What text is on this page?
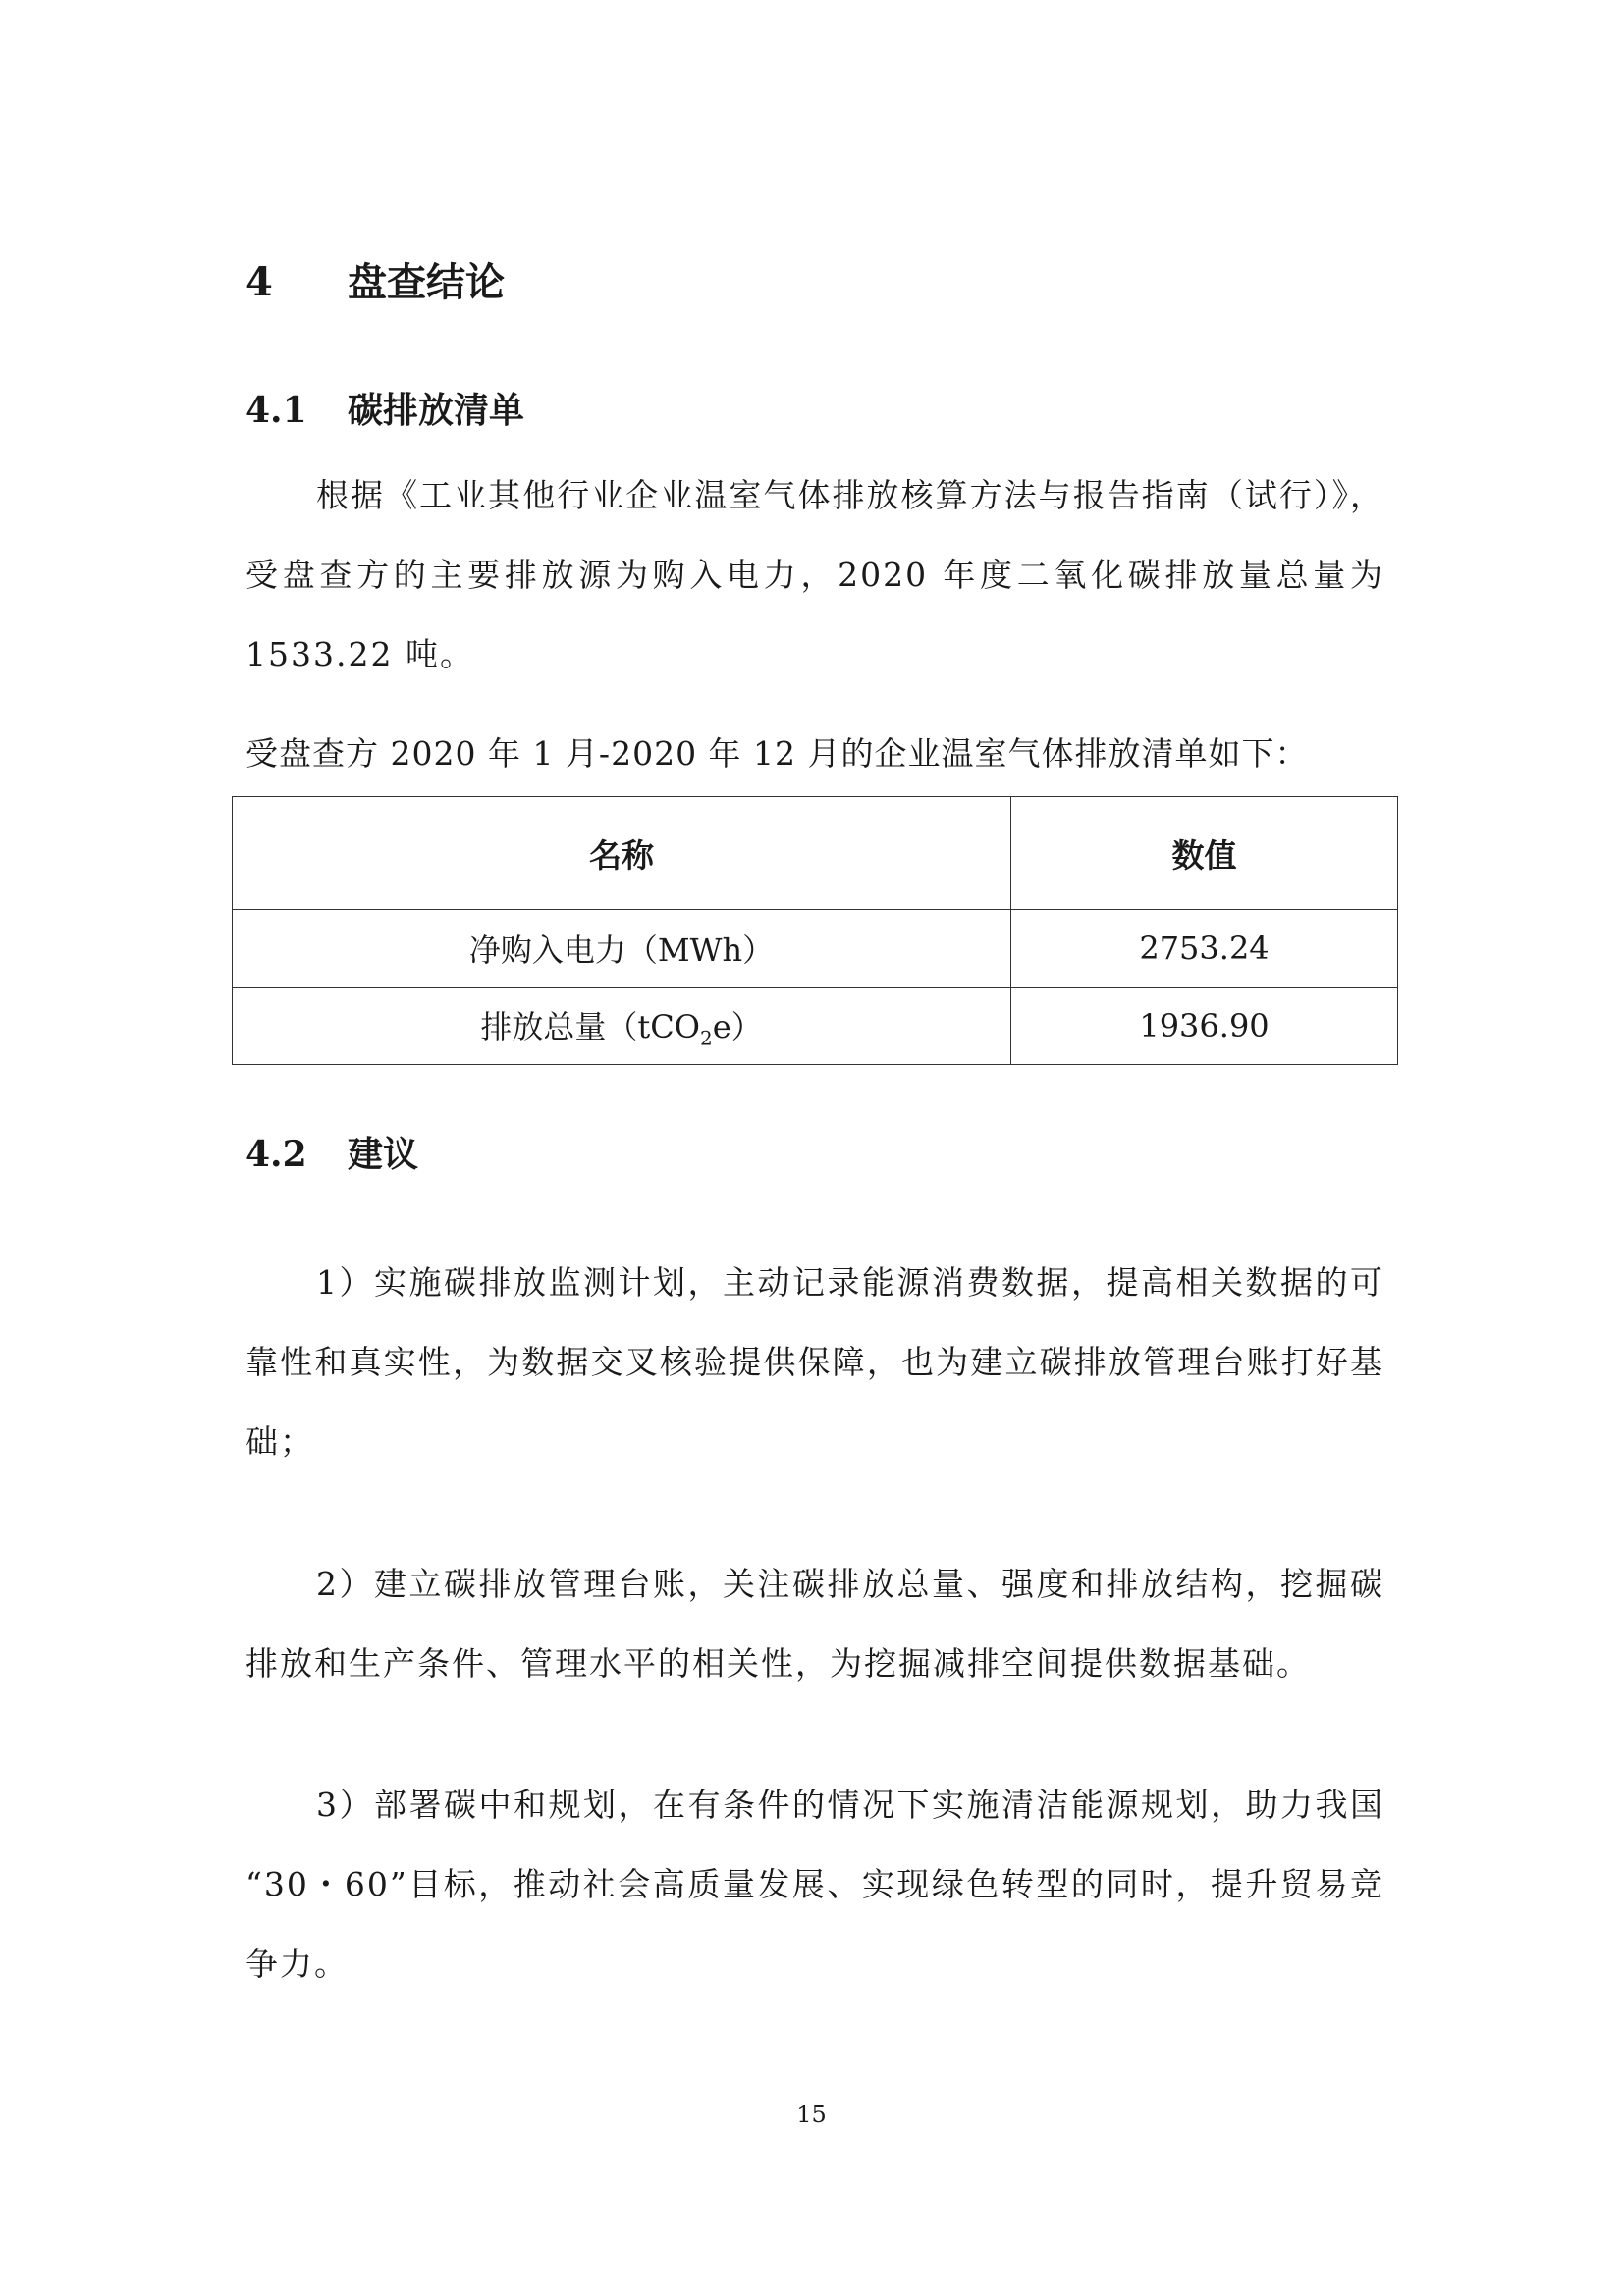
4 盘查结论
4.1 碳排放清单

根据《工业其他行业企业温室气体排放核算方法与报告指南（试行）》，受盘查方的主要排放源为购入电力，2020 年度二氧化碳排放量总量为 1533.22 吨。

受盘查方 2020 年 1 月-2020 年 12 月的企业温室气体排放清单如下：
名称	数值
净购入电力（MWh）	2753.24
排放总量（tCO$_2$e）	1936.90
4.2 建议

1）实施碳排放监测计划，主动记录能源消费数据，提高相关数据的可靠性和真实性，为数据交叉核验提供保障，也为建立碳排放管理台账打好基础；

2）建立碳排放管理台账，关注碳排放总量、强度和排放结构，挖掘碳排放和生产条件、管理水平的相关性，为挖掘减排空间提供数据基础。

3）部署碳中和规划，在有条件的情况下实施清洁能源规划，助力我国 “30・60”目标，推动社会高质量发展、实现绿色转型的同时，提升贸易竞争力。

15
